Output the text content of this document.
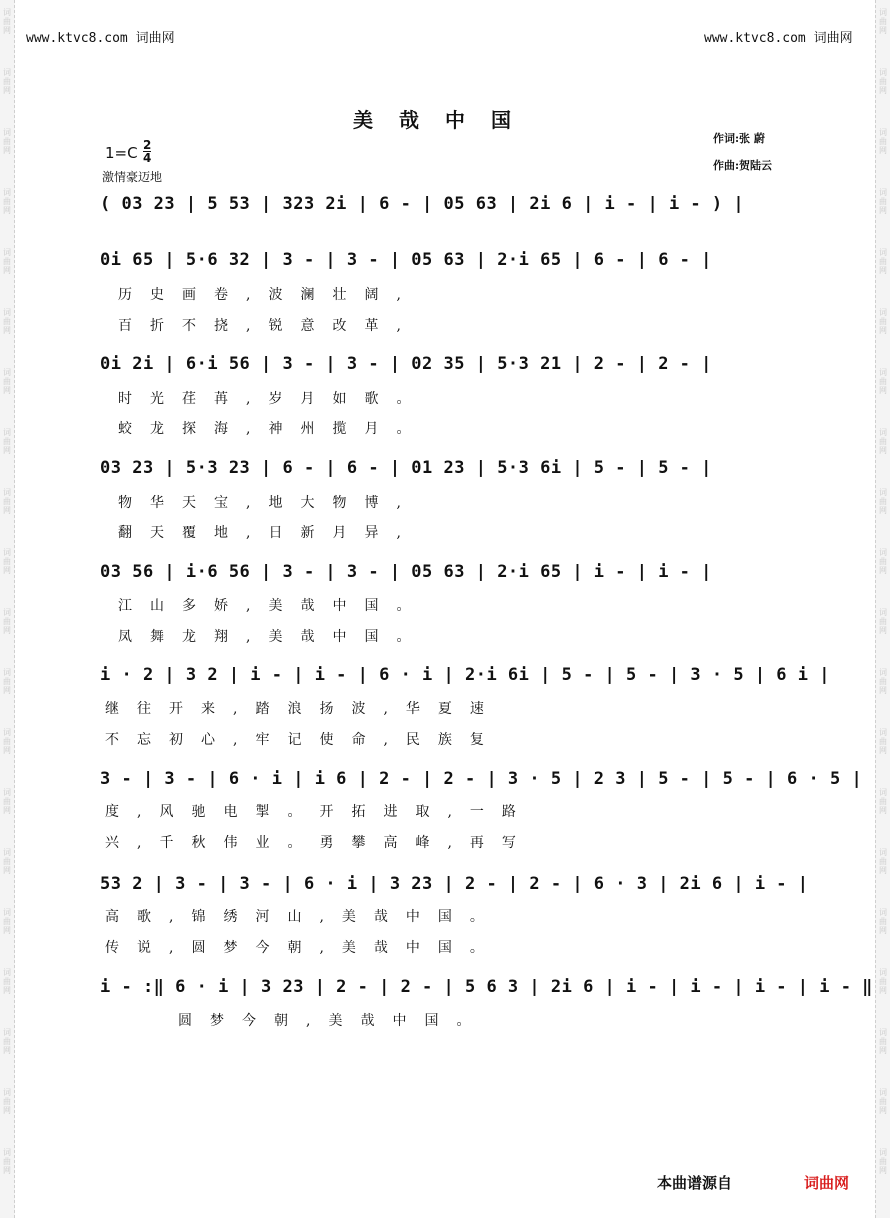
词曲网
词曲网
词曲网
词曲网
词曲网
词曲网
词曲网
词曲网
词曲网
词曲网
词曲网
词曲网
词曲网
词曲网
词曲网
词曲网
词曲网
词曲网
词曲网
词曲网
词曲网
词曲网
词曲网
词曲网
词曲网
词曲网
词曲网
词曲网
词曲网
词曲网
词曲网
词曲网
词曲网
词曲网
词曲网
词曲网
词曲网
词曲网
词曲网
词曲网
www.ktvc8.com 词曲网	www.ktvc8.com 词曲网
美哉中国
$1=C \frac{2}{4}$
激情豪迈地
作词:张 蔚
作曲:贺陆云
( 03 23 | 5 53 | 323 2i | 6 - | 05 63 | 2i 6 | i - | i - ) |
0i 65 | 5·6 32 | 3 - | 3 - | 05 63 | 2·i 65 | 6 - | 6 - |
历史画卷,波澜壮阔,
百折不挠,锐意改革,
0i 2i | 6·i 56 | 3 - | 3 - | 02 35 | 5·3 21 | 2 - | 2 - |
时光荏苒,岁月如歌。
蛟龙探海,神州揽月。
03 23 | 5·3 23 | 6 - | 6 - | 01 23 | 5·3 6i | 5 - | 5 - |
物华天宝,地大物博,
翻天覆地,日新月异,
03 56 | i·6 56 | 3 - | 3 - | 05 63 | 2·i 65 | i - | i - |
江山多娇,美哉中国。
凤舞龙翔,美哉中国。
i · 2 | 3 2 | i - | i - | 6 · i | 2·i 6i | 5 - | 5 - | 3 · 5 | 6 i |
继往开来,踏浪扬波,华夏速
不忘初心,牢记使命,民族复
3 - | 3 - | 6 · i | i 6 | 2 - | 2 - | 3 · 5 | 2 3 | 5 - | 5 - | 6 · 5 |
度,风驰电掣。开拓进取,一路
兴,千秋伟业。勇攀高峰,再写
53 2 | 3 - | 3 - | 6 · i | 3 23 | 2 - | 2 - | 6 · 3 | 2i 6 | i - |
高歌,锦绣河山,美哉中国。
传说,圆梦今朝,美哉中国。
i - :‖ 6 · i | 3 23 | 2 - | 2 - | 5 6 3 | 2i 6 | i - | i - | i - | i - ‖
圆梦今朝,美哉中国。
本曲谱源自	词曲网
